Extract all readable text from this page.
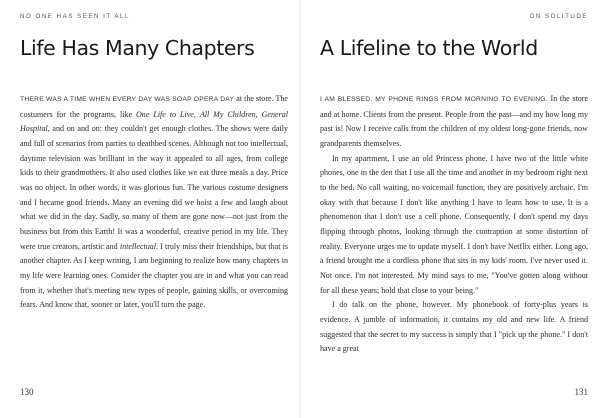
NO ONE HAS SEEN IT ALL
Life Has Many Chapters

THERE WAS A TIME WHEN EVERY DAY WAS SOAP OPERA DAY at the store. The costumers for the programs, like One Life to Live, All My Children, General Hospital, and on and on: they couldn't get enough clothes. The shows were daily and full of scenarios from parties to deathbed scenes. Although not too intellectual, daytime television was brilliant in the way it appealed to all ages, from college kids to their grandmothers. It also used clothes like we eat three meals a day. Price was no object. In other words, it was glorious fun. The various costume designers and I became good friends. Many an evening did we hoist a few and laugh about what we did in the day. Sadly, so many of them are gone now—not just from the business but from this Earth! It was a wonderful, creative period in my life. They were true creators, artistic and intellectual. I truly miss their friendships, but that is another chapter. As I keep writing, I am beginning to realize how many chapters in my life were learning ones. Consider the chapter you are in and what you can read from it, whether that's meeting new types of people, gaining skills, or overcoming fears. And know that, sooner or later, you'll turn the page.

130
ON SOLITUDE
A Lifeline to the World

I AM BLESSED. MY PHONE RINGS FROM MORNING TO EVENING. In the store and at home. Clients from the present. People from the past—and my how long my past is! Now I receive calls from the children of my oldest long-gone friends, now grandparents themselves.

In my apartment, I use an old Princess phone. I have two of the little white phones, one in the den that I use all the time and another in my bedroom right next to the bed. No call waiting, no voicemail function, they are positively archaic. I'm okay with that because I don't like anything I have to learn how to use. It is a phenomenon that I don't use a cell phone. Consequently, I don't spend my days flipping through photos, looking through the contraption at some distortion of reality. Everyone urges me to update myself. I don't have Netflix either. Long ago, a friend brought me a cordless phone that sits in my kids' room. I've never used it. Not once. I'm not interested. My mind says to me, "You've gotten along without for all these years; hold that close to your being."

I do talk on the phone, however. My phonebook of forty-plus years is evidence. A jumble of information, it contains my old and new life. A friend suggested that the secret to my success is simply that I "pick up the phone." I don't have a great

131
